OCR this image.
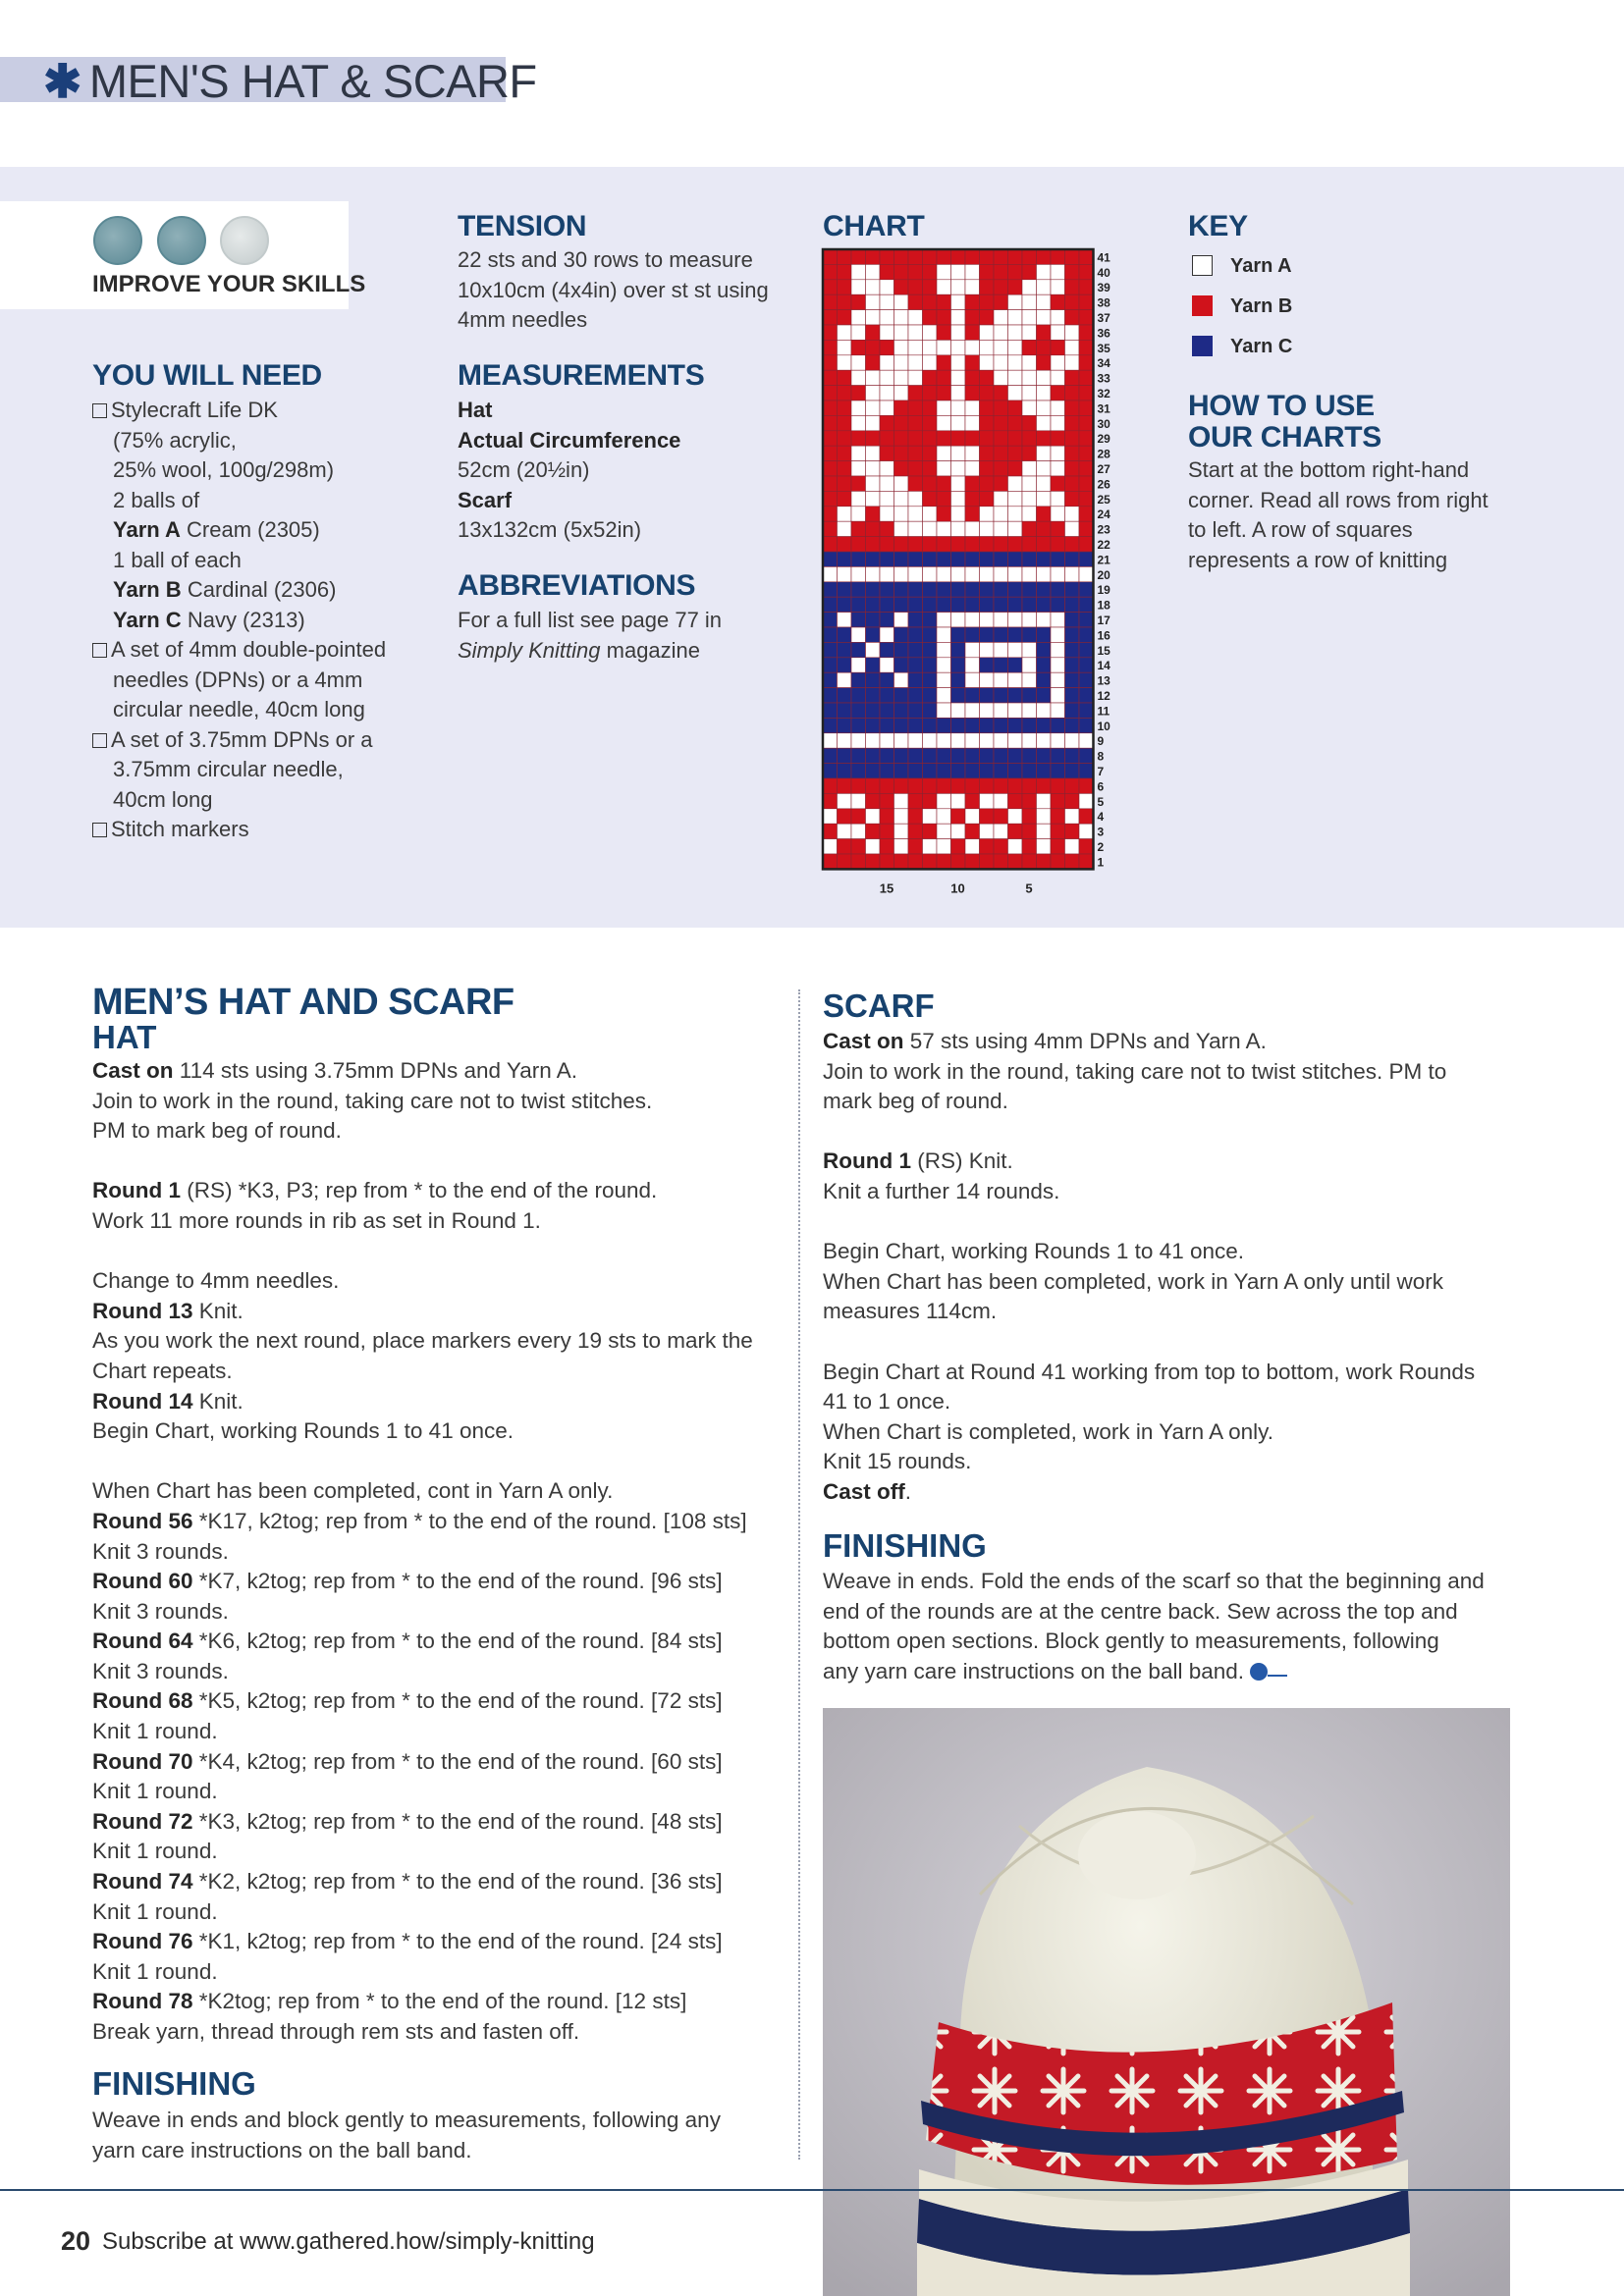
✱ MEN'S HAT & SCARF
IMPROVE YOUR SKILLS
YOU WILL NEED
Stylecraft Life DK
(75% acrylic,
25% wool, 100g/298m)
2 balls of
Yarn A Cream (2305)
1 ball of each
Yarn B Cardinal (2306)
Yarn C Navy (2313)
A set of 4mm double-pointed
needles (DPNs) or a 4mm
circular needle, 40cm long
A set of 3.75mm DPNs or a
3.75mm circular needle,
40cm long
Stitch markers
TENSION
22 sts and 30 rows to measure
10x10cm (4x4in) over st st using
4mm needles
MEASUREMENTS
Hat
Actual Circumference
52cm (20½in)
Scarf
13x132cm (5x52in)
ABBREVIATIONS
For a full list see page 77 in
Simply Knitting magazine
CHART
41
40
39
38
37
36
35
34
33
32
31
30
29
28
27
26
25
24
23
22
21
20
19
18
17
16
15
14
13
12
11
10
9
8
7
6
5
4
3
2
1
15	10	5
KEY
Yarn A
Yarn B
Yarn C
HOW TO USE
OUR CHARTS
Start at the bottom right-hand
corner. Read all rows from right
to left. A row of squares
represents a row of knitting
MEN’S HAT AND SCARF
HAT
Cast on 114 sts using 3.75mm DPNs and Yarn A.
Join to work in the round, taking care not to twist stitches.
PM to mark beg of round.
Round 1 (RS) *K3, P3; rep from * to the end of the round.
Work 11 more rounds in rib as set in Round 1.
Change to 4mm needles.
Round 13 Knit.
As you work the next round, place markers every 19 sts to mark the
Chart repeats.
Round 14 Knit.
Begin Chart, working Rounds 1 to 41 once.
When Chart has been completed, cont in Yarn A only.
Round 56 *K17, k2tog; rep from * to the end of the round. [108 sts]
Knit 3 rounds.
Round 60 *K7, k2tog; rep from * to the end of the round. [96 sts]
Knit 3 rounds.
Round 64 *K6, k2tog; rep from * to the end of the round. [84 sts]
Knit 3 rounds.
Round 68 *K5, k2tog; rep from * to the end of the round. [72 sts]
Knit 1 round.
Round 70 *K4, k2tog; rep from * to the end of the round. [60 sts]
Knit 1 round.
Round 72 *K3, k2tog; rep from * to the end of the round. [48 sts]
Knit 1 round.
Round 74 *K2, k2tog; rep from * to the end of the round. [36 sts]
Knit 1 round.
Round 76 *K1, k2tog; rep from * to the end of the round. [24 sts]
Knit 1 round.
Round 78 *K2tog; rep from * to the end of the round. [12 sts]
Break yarn, thread through rem sts and fasten off.
FINISHING
Weave in ends and block gently to measurements, following any
yarn care instructions on the ball band.
SCARF
Cast on 57 sts using 4mm DPNs and Yarn A.
Join to work in the round, taking care not to twist stitches. PM to
mark beg of round.
Round 1 (RS) Knit.
Knit a further 14 rounds.
Begin Chart, working Rounds 1 to 41 once.
When Chart has been completed, work in Yarn A only until work
measures 114cm.
Begin Chart at Round 41 working from top to bottom, work Rounds
41 to 1 once.
When Chart is completed, work in Yarn A only.
Knit 15 rounds.
Cast off.
FINISHING
Weave in ends. Fold the ends of the scarf so that the beginning and
end of the rounds are at the centre back. Sew across the top and
bottom open sections. Block gently to measurements, following
any yarn care instructions on the ball band.
20 Subscribe at www.gathered.how/simply-knitting
